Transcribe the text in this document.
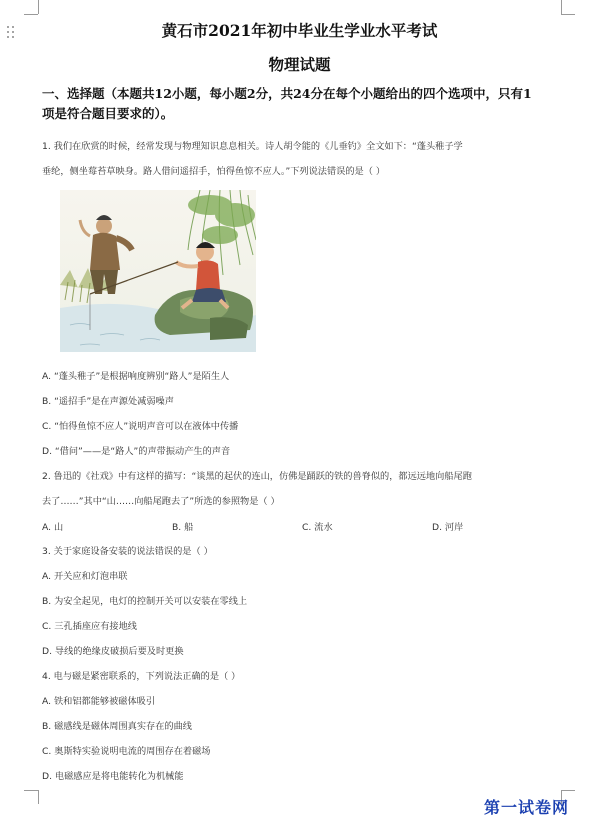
黄石市2021年初中毕业生学业水平考试
物理试题
一、选择题（本题共12小题，每小题2分，共24分在每个小题给出的四个选项中，只有1
项是符合题目要求的）。
1. 我们在欣赏的时候，经常发现与物理知识息息相关。诗人胡令能的《儿垂钓》全文如下：“蓬头稚子学
垂纶，侧坐莓苔草映身。路人借问遥招手，怕得鱼惊不应人。”下列说法错误的是（ ）
A. “蓬头稚子”是根据响度辨别“路人”是陌生人
B. “遥招手”是在声源处减弱噪声
C. “怕得鱼惊不应人”说明声音可以在液体中传播
D. “借问”——是“路人”的声带振动产生的声音
2. 鲁迅的《社戏》中有这样的描写：“谈黑的起伏的连山，仿佛是踊跃的铁的兽脊似的，都远远地向船尾跑
去了……”其中“山……向船尾跑去了”所选的参照物是（ ）
A. 山	B. 船	C. 流水	D. 河岸
3. 关于家庭设备安装的说法错误的是（ ）
A. 开关应和灯泡串联
B. 为安全起见，电灯的控制开关可以安装在零线上
C. 三孔插座应有接地线
D. 导线的绝缘皮破损后要及时更换
4. 电与磁是紧密联系的，下列说法正确的是（ ）
A. 铁和铝都能够被磁体吸引
B. 磁感线是磁体周围真实存在的曲线
C. 奥斯特实验说明电流的周围存在着磁场
D. 电磁感应是将电能转化为机械能
第一试卷网
